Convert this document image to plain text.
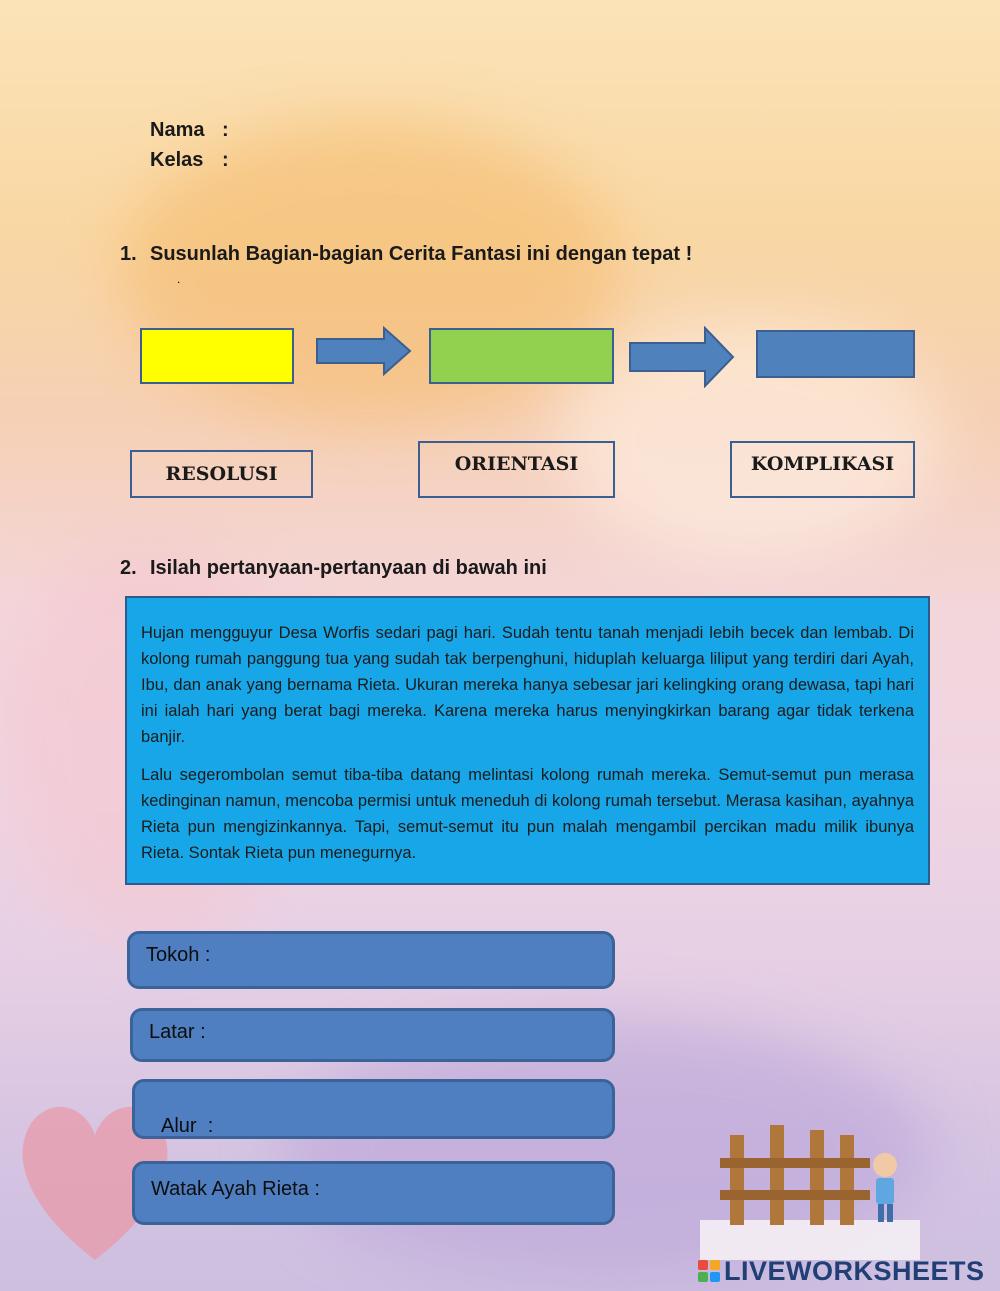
Nama :
Kelas :
1. Susunlah Bagian-bagian Cerita Fantasi ini dengan tepat !
.
RESOLUSI	ORIENTASI	KOMPLIKASI
2. Isilah pertanyaan-pertanyaan di bawah ini

Hujan mengguyur Desa Worfis sedari pagi hari. Sudah tentu tanah menjadi lebih becek dan lembab. Di kolong rumah panggung tua yang sudah tak berpenghuni, hiduplah keluarga liliput yang terdiri dari Ayah, Ibu, dan anak yang bernama Rieta. Ukuran mereka hanya sebesar jari kelingking orang dewasa, tapi hari ini ialah hari yang berat bagi mereka. Karena mereka harus menyingkirkan barang agar tidak terkena banjir.

Lalu segerombolan semut tiba-tiba datang melintasi kolong rumah mereka. Semut-semut pun merasa kedinginan namun, mencoba permisi untuk meneduh di kolong rumah tersebut. Merasa kasihan, ayahnya Rieta pun mengizinkannya. Tapi, semut-semut itu pun malah mengambil percikan madu milik ibunya Rieta. Sontak Rieta pun menegurnya.

Tokoh :
Latar :

Alur  :

Watak Ayah Rieta :
LIVEWORKSHEETS
